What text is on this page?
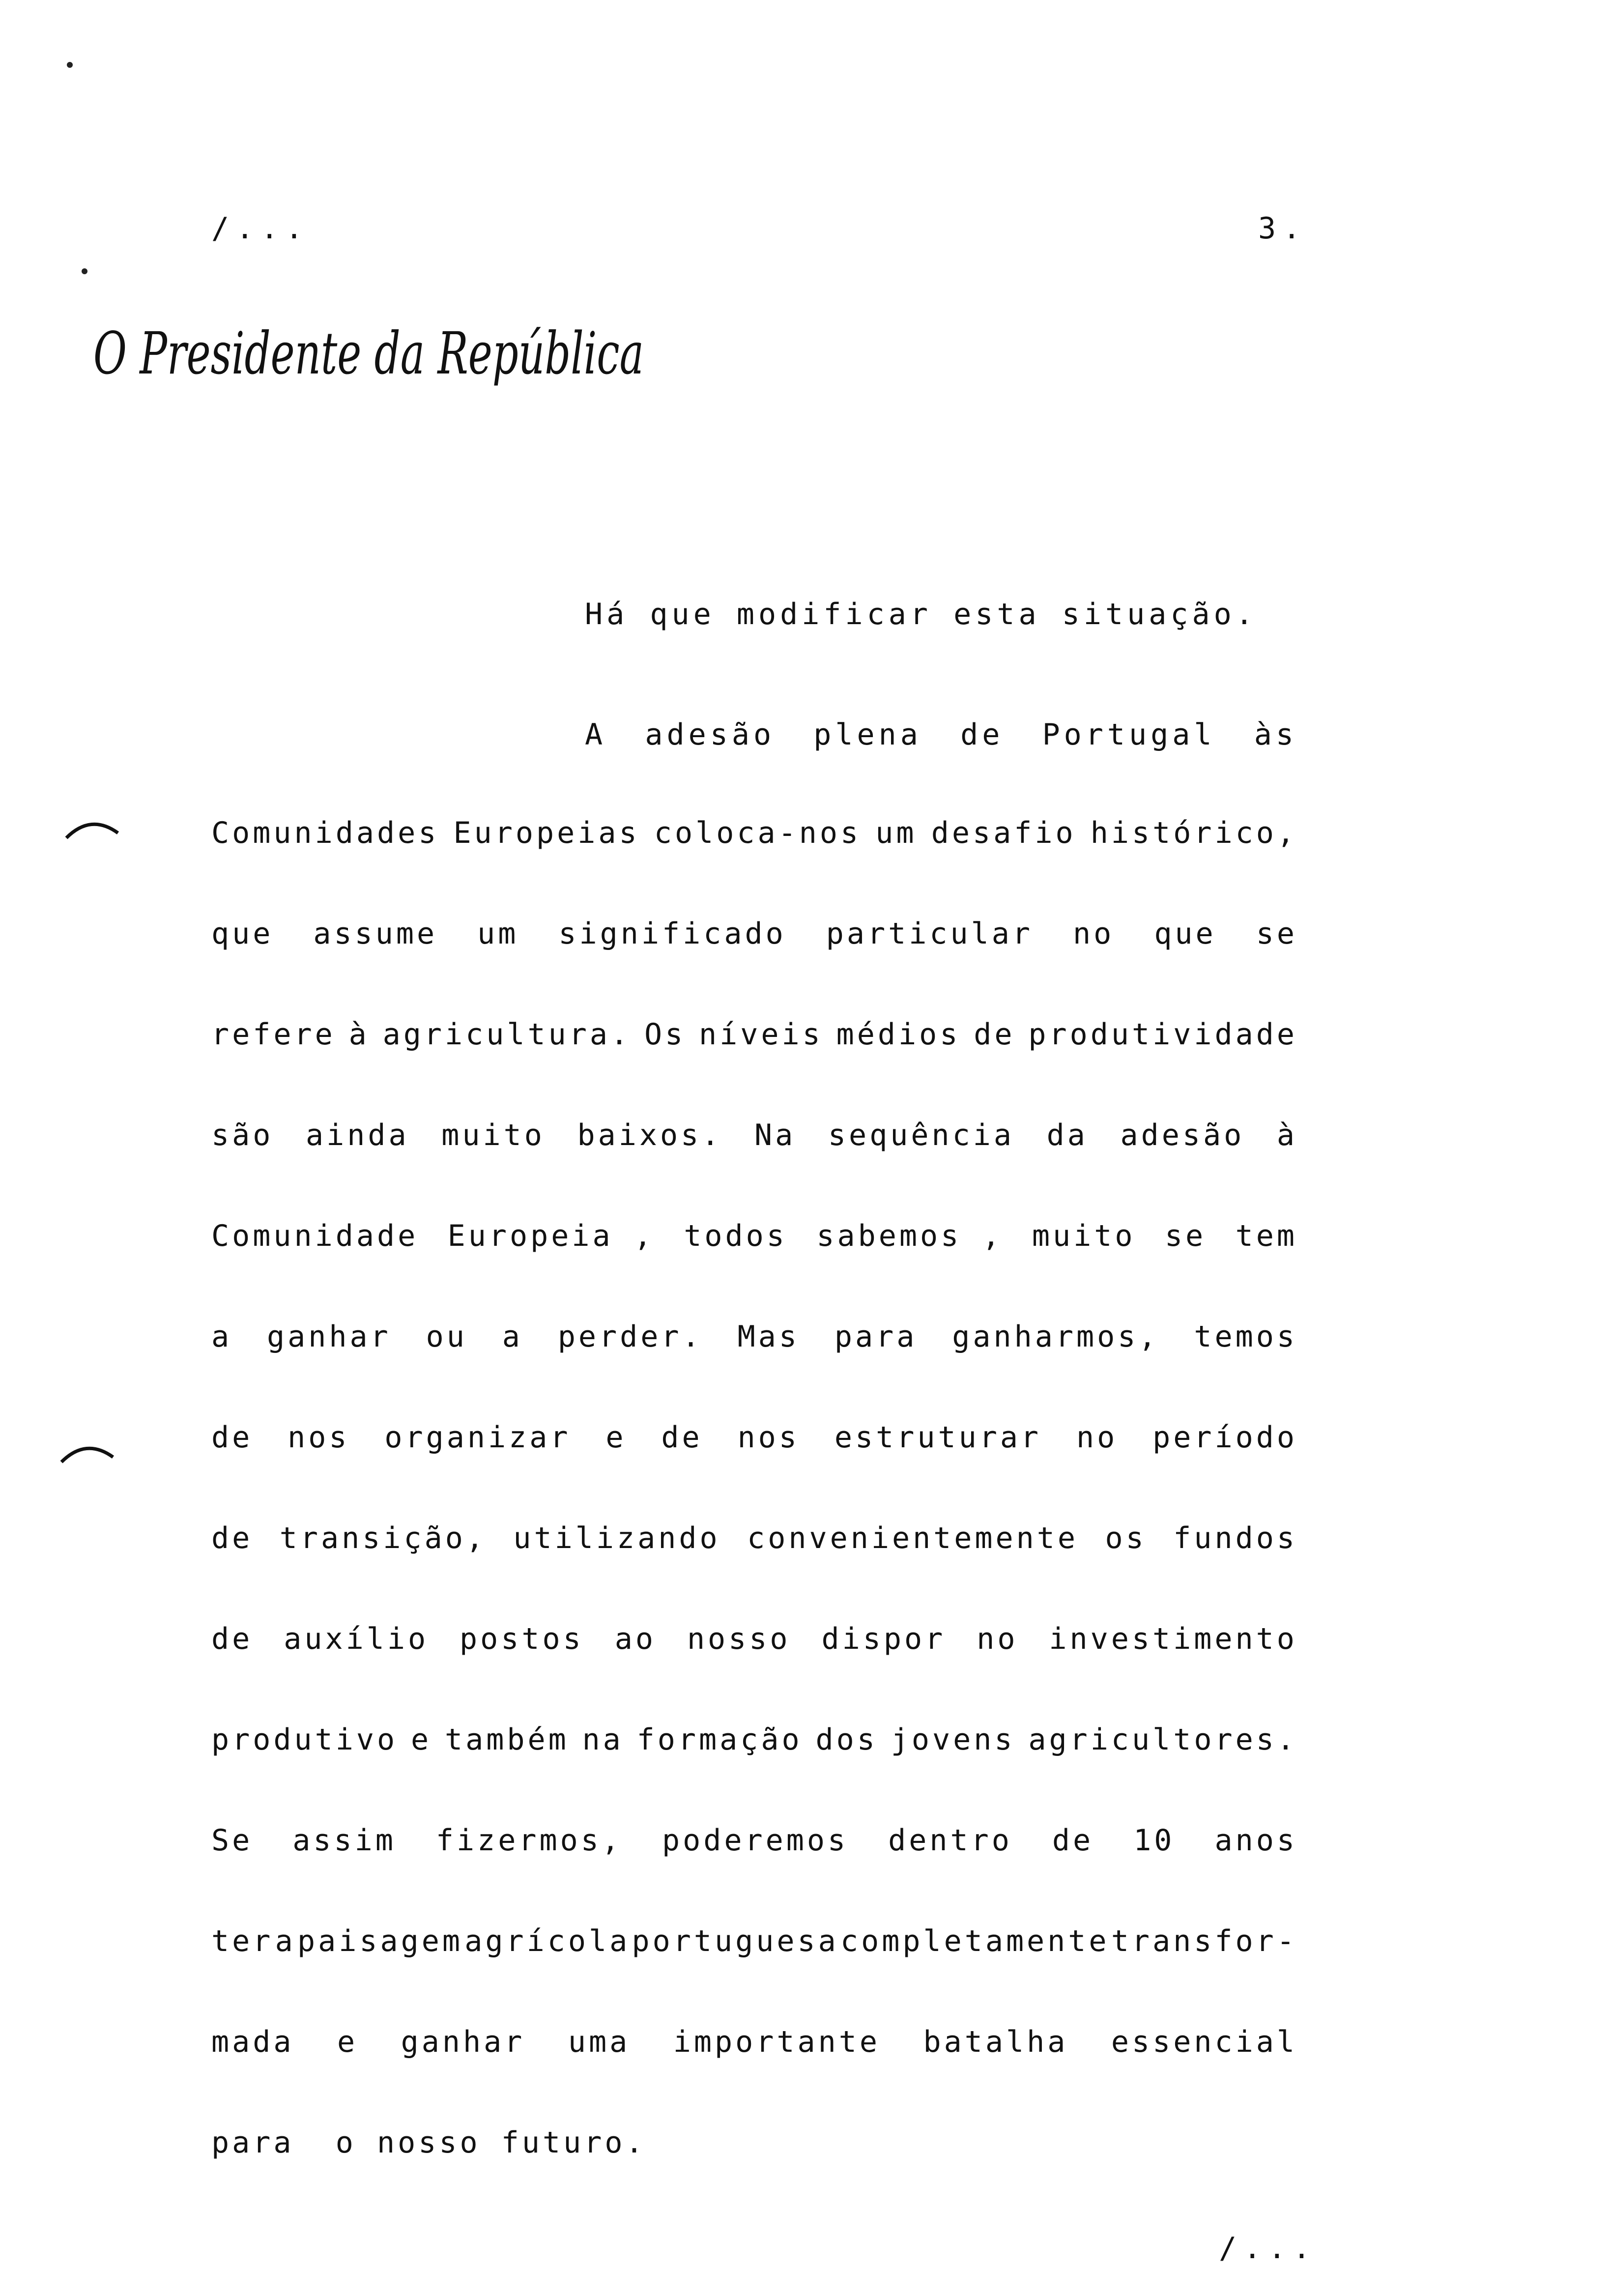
/...	3.
O Presidente da República
Há que modificar esta situação.
A adesão plena de Portugal às
Comunidades Europeias coloca-nos um desafio histórico,
que assume um significado particular no que se
refere à agricultura. Os níveis médios de produtividade
são ainda muito baixos. Na sequência da adesão à
Comunidade Europeia , todos sabemos , muito se tem
a ganhar ou a perder. Mas para ganharmos, temos
de nos organizar e de nos estruturar no período
de transição, utilizando convenientemente os fundos
de auxílio postos ao nosso dispor no investimento
produtivo e também na formação dos jovens agricultores.
Se assim fizermos, poderemos dentro de 10 anos
ter a paisagem agrícola portuguesa completamente transfor-
mada e ganhar uma importante batalha essencial
para  o nosso futuro.
/...
